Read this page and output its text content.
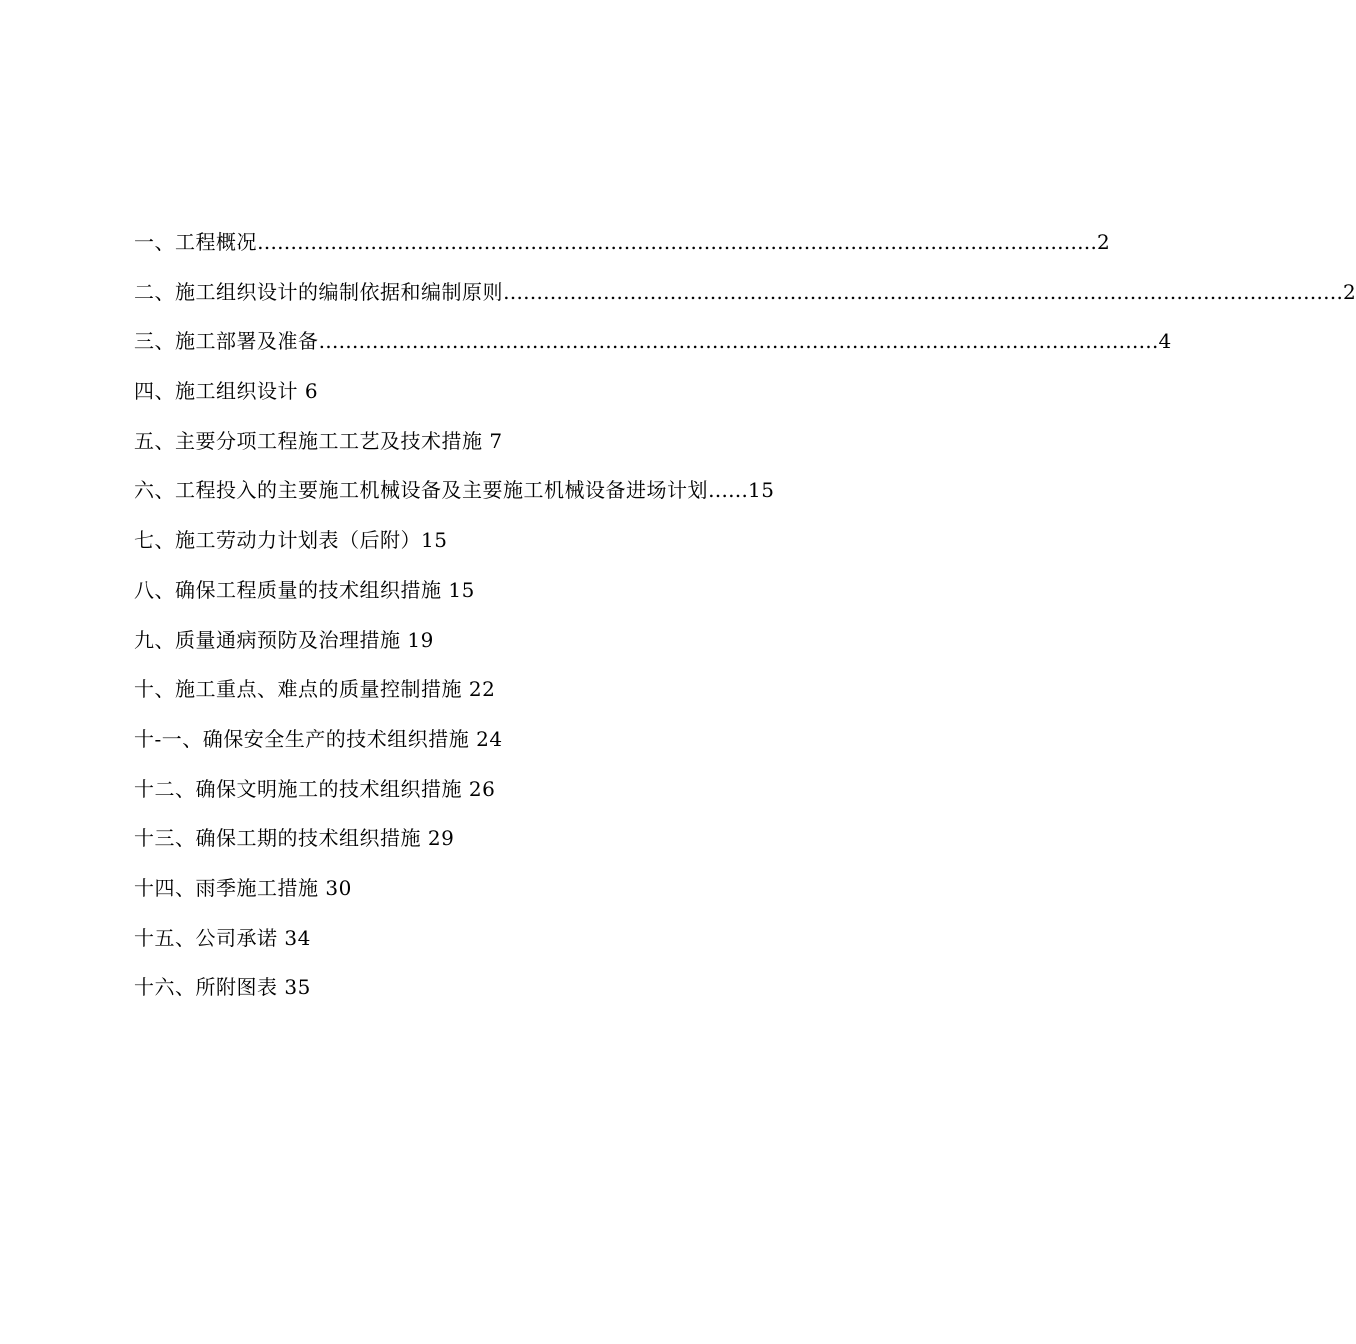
一、工程概况 ……………………………………………………………………………………………………………… 2
二、施工组织设计的编制依据和编制原则 ……………………………………………………………………………………………………………… 2
三、施工部署及准备 ……………………………………………………………………………………………………………… 4
四、施工组织设计 6
五、主要分项工程施工工艺及技术措施 7
六、工程投入的主要施工机械设备及主要施工机械设备进场计划 …… 15
七、施工劳动力计划表（后附）15
八、确保工程质量的技术组织措施 15
九、质量通病预防及治理措施 19
十、施工重点、难点的质量控制措施 22
十-一、确保安全生产的技术组织措施 24
十二、确保文明施工的技术组织措施 26
十三、确保工期的技术组织措施 29
十四、雨季施工措施 30
十五、公司承诺 34
十六、所附图表 35
